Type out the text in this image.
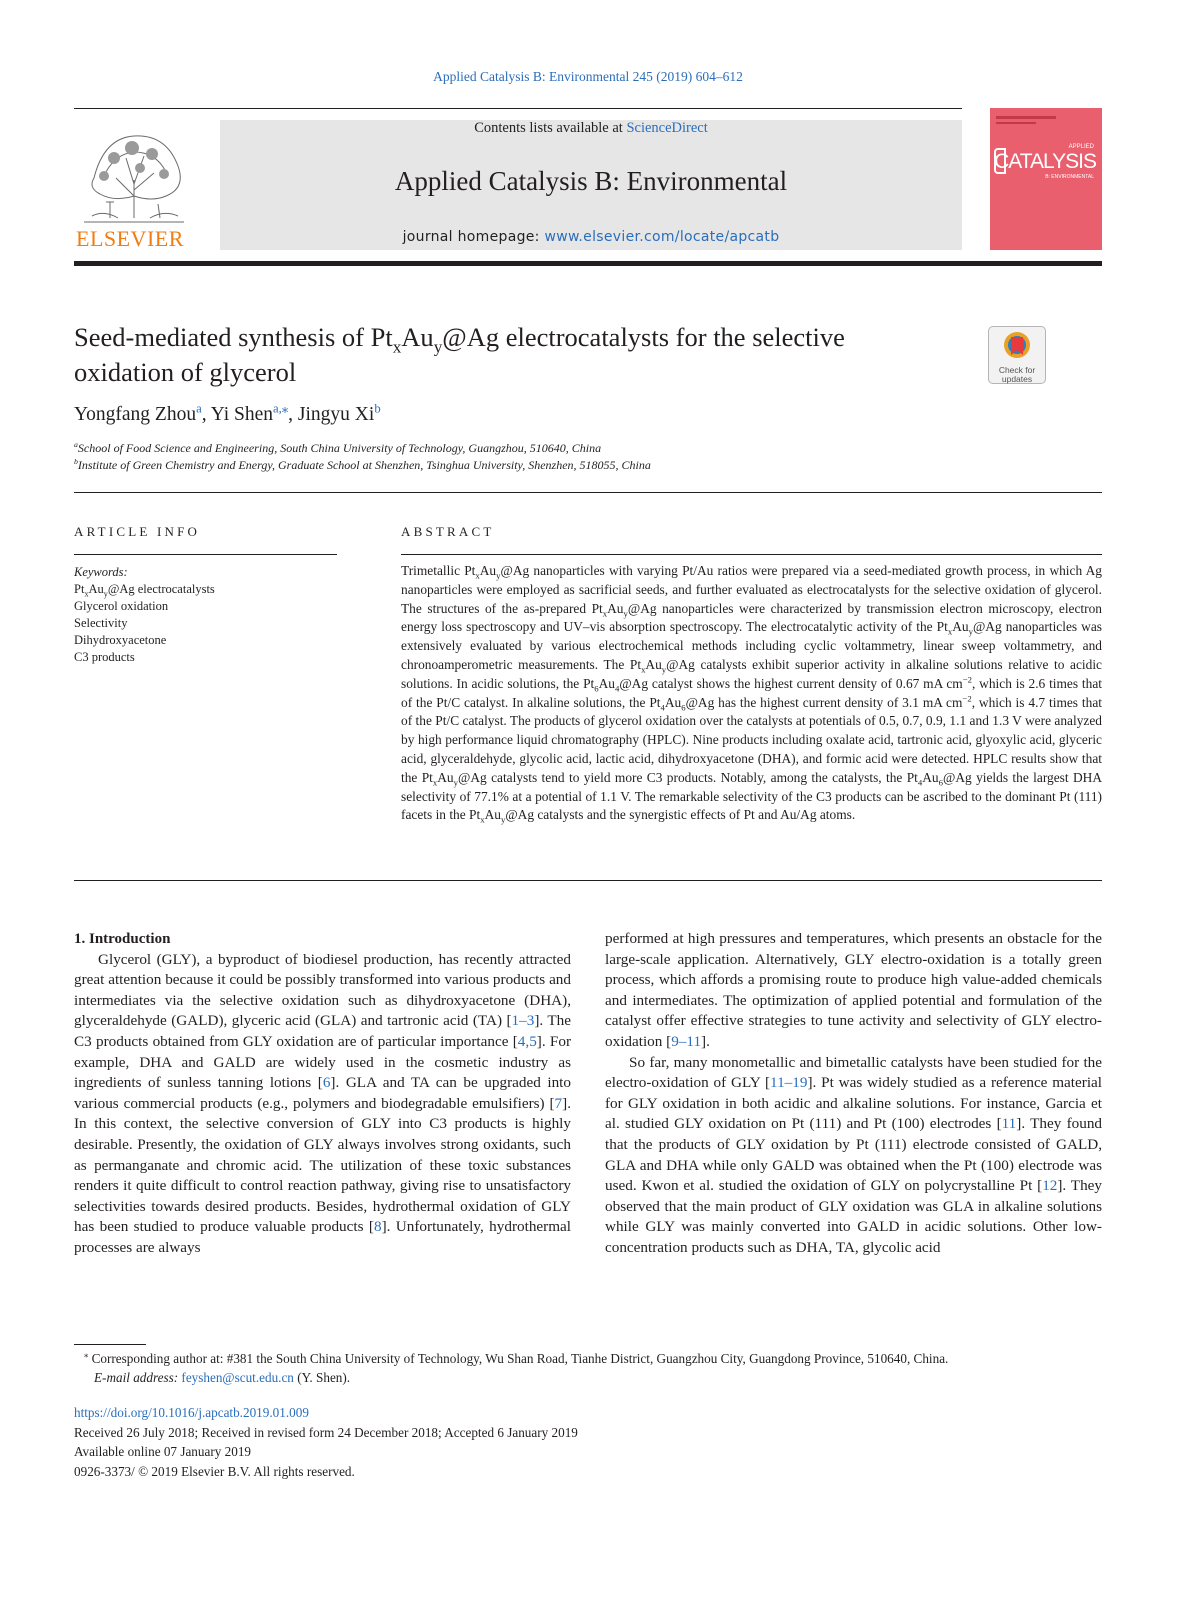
Applied Catalysis B: Environmental 245 (2019) 604–612
ELSEVIER
Contents lists available at ScienceDirect
Applied Catalysis B: Environmental
journal homepage: www.elsevier.com/locate/apcatb
APPLIED
CATALYSIS
B: ENVIRONMENTAL
Seed-mediated synthesis of $Pt_xAu_y@Ag$ electrocatalysts for the selective
oxidation of glycerol	Check for
updates
Yongfang Zhou$^a$, Yi Shen$^{a,⁎}$, Jingyu Xi$^b$
$^a$School of Food Science and Engineering, South China University of Technology, Guangzhou, 510640, China
$^b$Institute of Green Chemistry and Energy, Graduate School at Shenzhen, Tsinghua University, Shenzhen, 518055, China
ARTICLE INFO
Keywords:
$Pt_xAu_y@Ag$ electrocatalysts
Glycerol oxidation
Selectivity
Dihydroxyacetone
C3 products
ABSTRACT
Trimetallic $Pt_xAu_y@Ag$ nanoparticles with varying Pt/Au ratios were prepared via a seed-mediated growth process, in which Ag nanoparticles were employed as sacrificial seeds, and further evaluated as electrocatalysts for the selective oxidation of glycerol. The structures of the as-prepared $Pt_xAu_y@Ag$ nanoparticles were characterized by transmission electron microscopy, electron energy loss spectroscopy and UV–vis absorption spectroscopy. The electrocatalytic activity of the $Pt_xAu_y@Ag$ nanoparticles was extensively evaluated by various electrochemical methods including cyclic voltammetry, linear sweep voltammetry, and chronoamperometric measurements. The $Pt_xAu_y@Ag$ catalysts exhibit superior activity in alkaline solutions relative to acidic solutions. In acidic solutions, the $Pt_6Au_4@Ag$ catalyst shows the highest current density of 0.67 mA $cm^{-2}$, which is 2.6 times that of the Pt/C catalyst. In alkaline solutions, the $Pt_4Au_6@Ag$ has the highest current density of 3.1 mA $cm^{-2}$, which is 4.7 times that of the Pt/C catalyst. The products of glycerol oxidation over the catalysts at potentials of 0.5, 0.7, 0.9, 1.1 and 1.3 V were analyzed by high performance liquid chromatography (HPLC). Nine products including oxalate acid, tartronic acid, glyoxylic acid, glyceric acid, glyceraldehyde, glycolic acid, lactic acid, dihydroxyacetone (DHA), and formic acid were detected. HPLC results show that the $Pt_xAu_y@Ag$ catalysts tend to yield more C3 products. Notably, among the catalysts, the $Pt_4Au_6@Ag$ yields the largest DHA selectivity of 77.1% at a potential of 1.1 V. The remarkable selectivity of the C3 products can be ascribed to the dominant Pt (111) facets in the $Pt_xAu_y@Ag$ catalysts and the synergistic effects of Pt and Au/Ag atoms.

1. Introduction

Glycerol (GLY), a byproduct of biodiesel production, has recently attracted great attention because it could be possibly transformed into various products and intermediates via the selective oxidation such as dihydroxyacetone (DHA), glyceraldehyde (GALD), glyceric acid (GLA) and tartronic acid (TA) [1–3]. The C3 products obtained from GLY oxidation are of particular importance [4,5]. For example, DHA and GALD are widely used in the cosmetic industry as ingredients of sunless tanning lotions [6]. GLA and TA can be upgraded into various commercial products (e.g., polymers and biodegradable emulsifiers) [7]. In this context, the selective conversion of GLY into C3 products is highly desirable. Presently, the oxidation of GLY always involves strong oxidants, such as permanganate and chromic acid. The utilization of these toxic substances renders it quite difficult to control reaction pathway, giving rise to unsatisfactory selectivities towards desired products. Besides, hydrothermal oxidation of GLY has been studied to produce valuable products [8]. Unfortunately, hydrothermal processes are always

performed at high pressures and temperatures, which presents an obstacle for the large-scale application. Alternatively, GLY electro-oxidation is a totally green process, which affords a promising route to produce high value-added chemicals and intermediates. The optimization of applied potential and formulation of the catalyst offer effective strategies to tune activity and selectivity of GLY electro-oxidation [9–11].

So far, many monometallic and bimetallic catalysts have been studied for the electro-oxidation of GLY [11–19]. Pt was widely studied as a reference material for GLY oxidation in both acidic and alkaline solutions. For instance, Garcia et al. studied GLY oxidation on Pt (111) and Pt (100) electrodes [11]. They found that the products of GLY oxidation by Pt (111) electrode consisted of GALD, GLA and DHA while only GALD was obtained when the Pt (100) electrode was used. Kwon et al. studied the oxidation of GLY on polycrystalline Pt [12]. They observed that the main product of GLY oxidation was GLA in alkaline solutions while GLY was mainly converted into GALD in acidic solutions. Other low-concentration products such as DHA, TA, glycolic acid

⁎ Corresponding author at: #381 the South China University of Technology, Wu Shan Road, Tianhe District, Guangzhou City, Guangdong Province, 510640, China.
E-mail address: feyshen@scut.edu.cn (Y. Shen).
https://doi.org/10.1016/j.apcatb.2019.01.009
Received 26 July 2018; Received in revised form 24 December 2018; Accepted 6 January 2019
Available online 07 January 2019
0926-3373/ © 2019 Elsevier B.V. All rights reserved.
